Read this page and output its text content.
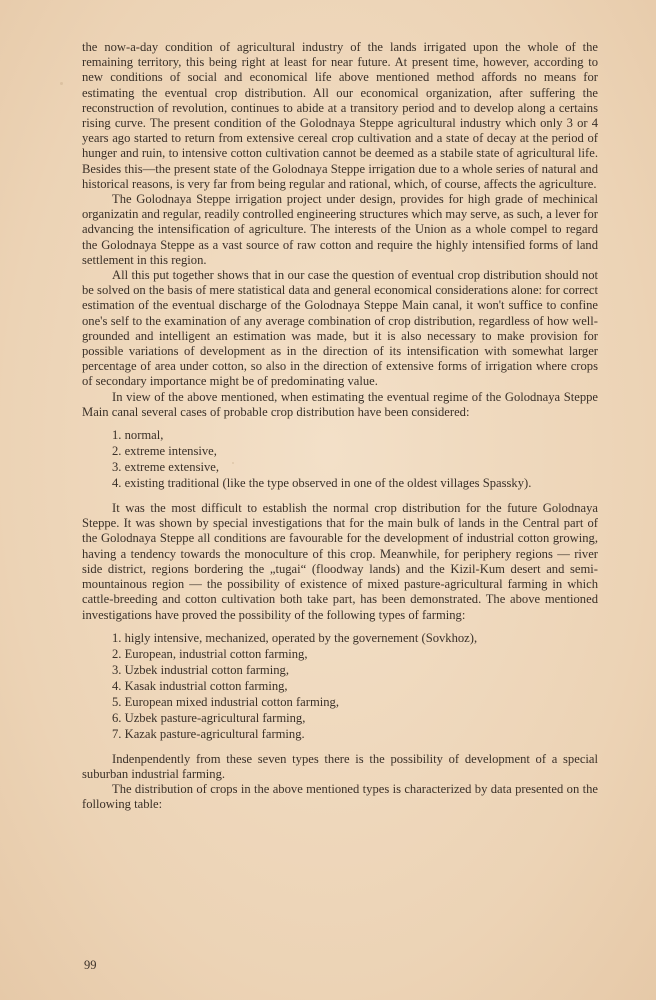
the now-a-day condition of agricultural industry of the lands irrigated upon the whole of the remaining territory, this being right at least for near future. At present time, however, according to new conditions of social and economical life above mentioned method affords no means for estimating the eventual crop distribution. All our economical organization, after suffering the reconstruction of revolution, continues to abide at a transitory period and to develop along a certains rising curve. The present condition of the Golodnaya Steppe agricultural industry which only 3 or 4 years ago started to return from extensive cereal crop cultivation and a state of decay at the period of hunger and ruin, to intensive cotton cultivation cannot be deemed as a stabile state of agricultural life. Besides this—the present state of the Golodnaya Steppe irrigation due to a whole series of natural and historical reasons, is very far from being regular and rational, which, of course, affects the agriculture.

The Golodnaya Steppe irrigation project under design, provides for high grade of mechinical organizatin and regular, readily controlled engineering structures which may serve, as such, a lever for advancing the intensification of agriculture. The interests of the Union as a whole compel to regard the Golodnaya Steppe as a vast source of raw cotton and require the highly intensified forms of land settlement in this region.

All this put together shows that in our case the question of eventual crop distribution should not be solved on the basis of mere statistical data and general economical considerations alone: for correct estimation of the eventual discharge of the Golodnaya Steppe Main canal, it won't suffice to confine one's self to the examination of any average combination of crop distribution, regardless of how well-grounded and intelligent an estimation was made, but it is also necessary to make provision for possible variations of development as in the direction of its intensification with somewhat larger percentage of area under cotton, so also in the direction of extensive forms of irrigation where crops of secondary importance might be of predominating value.

In view of the above mentioned, when estimating the eventual regime of the Golodnaya Steppe Main canal several cases of probable crop distribution have been considered:

1. normal,
2. extreme intensive,
3. extreme extensive,
4. existing traditional (like the type observed in one of the oldest villages Spassky).

It was the most difficult to establish the normal crop distribution for the future Golodnaya Steppe. It was shown by special investigations that for the main bulk of lands in the Central part of the Golodnaya Steppe all conditions are favourable for the development of industrial cotton growing, having a tendency towards the monoculture of this crop. Meanwhile, for periphery regions — river side district, regions bordering the „tugai“ (floodway lands) and the Kizil-Kum desert and semi-mountainous region — the possibility of existence of mixed pasture-agricultural farming in which cattle-breeding and cotton cultivation both take part, has been demonstrated. The above mentioned investigations have proved the possibility of the following types of farming:

1. higly intensive, mechanized, operated by the governement (Sovkhoz),
2. European, industrial cotton farming,
3. Uzbek industrial cotton farming,
4. Kasak industrial cotton farming,
5. European mixed industrial cotton farming,
6. Uzbek pasture-agricultural farming,
7. Kazak pasture-agricultural farming.

Indenpendently from these seven types there is the possibility of development of a special suburban industrial farming.

The distribution of crops in the above mentioned types is characterized by data presented on the following table:

99
